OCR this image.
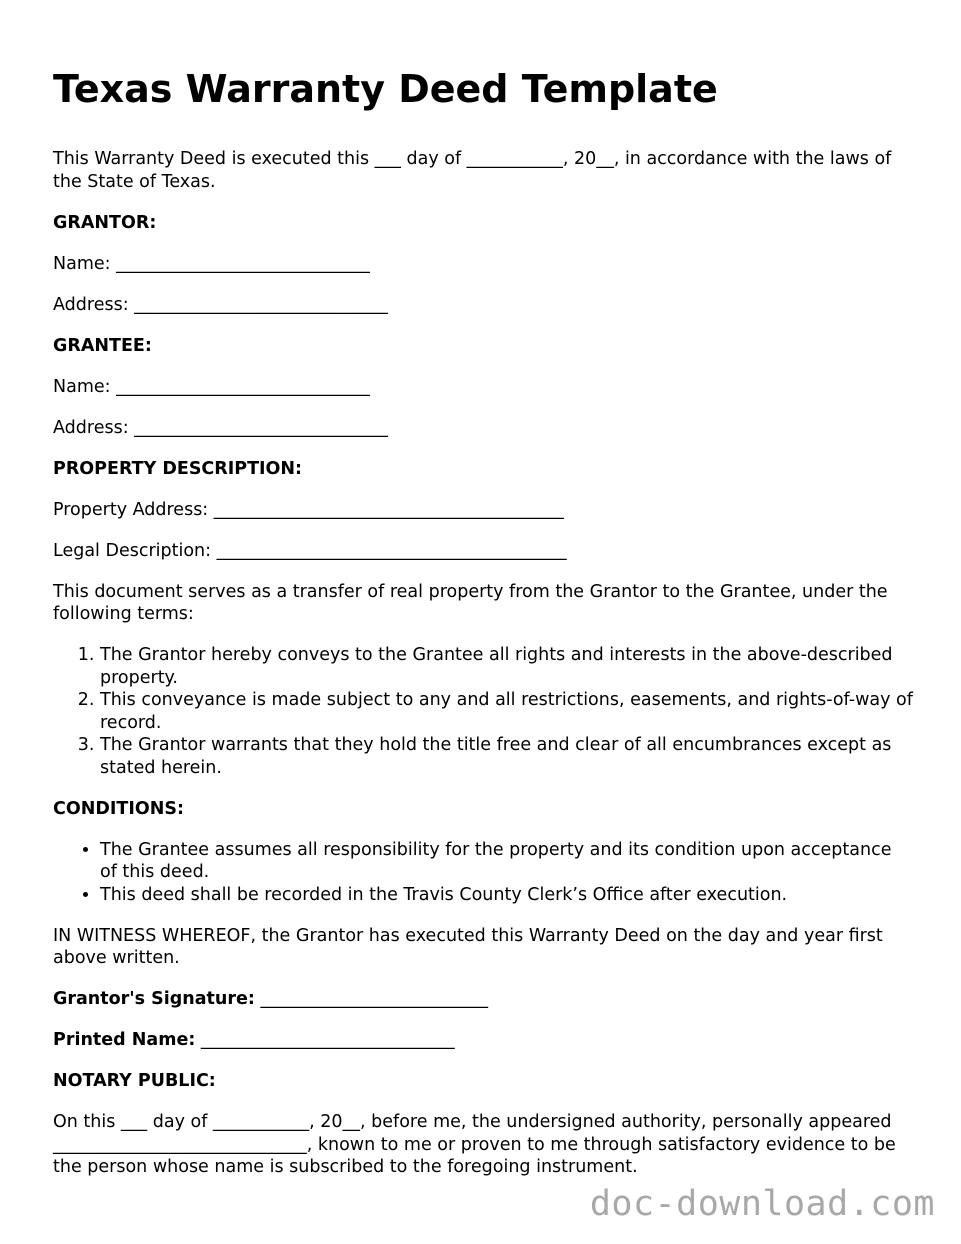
Texas Warranty Deed Template

This Warranty Deed is executed this ___ day of ___________, 20__, in accordance with the laws of the State of Texas.

GRANTOR:

Name: _____________________________

Address: _____________________________

GRANTEE:

Name: _____________________________

Address: _____________________________

PROPERTY DESCRIPTION:

Property Address: ________________________________________

Legal Description: ________________________________________

This document serves as a transfer of real property from the Grantor to the Grantee, under the following terms:

1. The Grantor hereby conveys to the Grantee all rights and interests in the above-described property.
2. This conveyance is made subject to any and all restrictions, easements, and rights-of-way of record.
3. The Grantor warrants that they hold the title free and clear of all encumbrances except as stated herein.

CONDITIONS:

• The Grantee assumes all responsibility for the property and its condition upon acceptance of this deed.
• This deed shall be recorded in the Travis County Clerk’s Office after execution.

IN WITNESS WHEREOF, the Grantor has executed this Warranty Deed on the day and year first above written.

Grantor's Signature: __________________________

Printed Name: _____________________________

NOTARY PUBLIC:

On this ___ day of ___________, 20__, before me, the undersigned authority, personally appeared _____________________________, known to me or proven to me through satisfactory evidence to be the person whose name is subscribed to the foregoing instrument.

doc-download.com
